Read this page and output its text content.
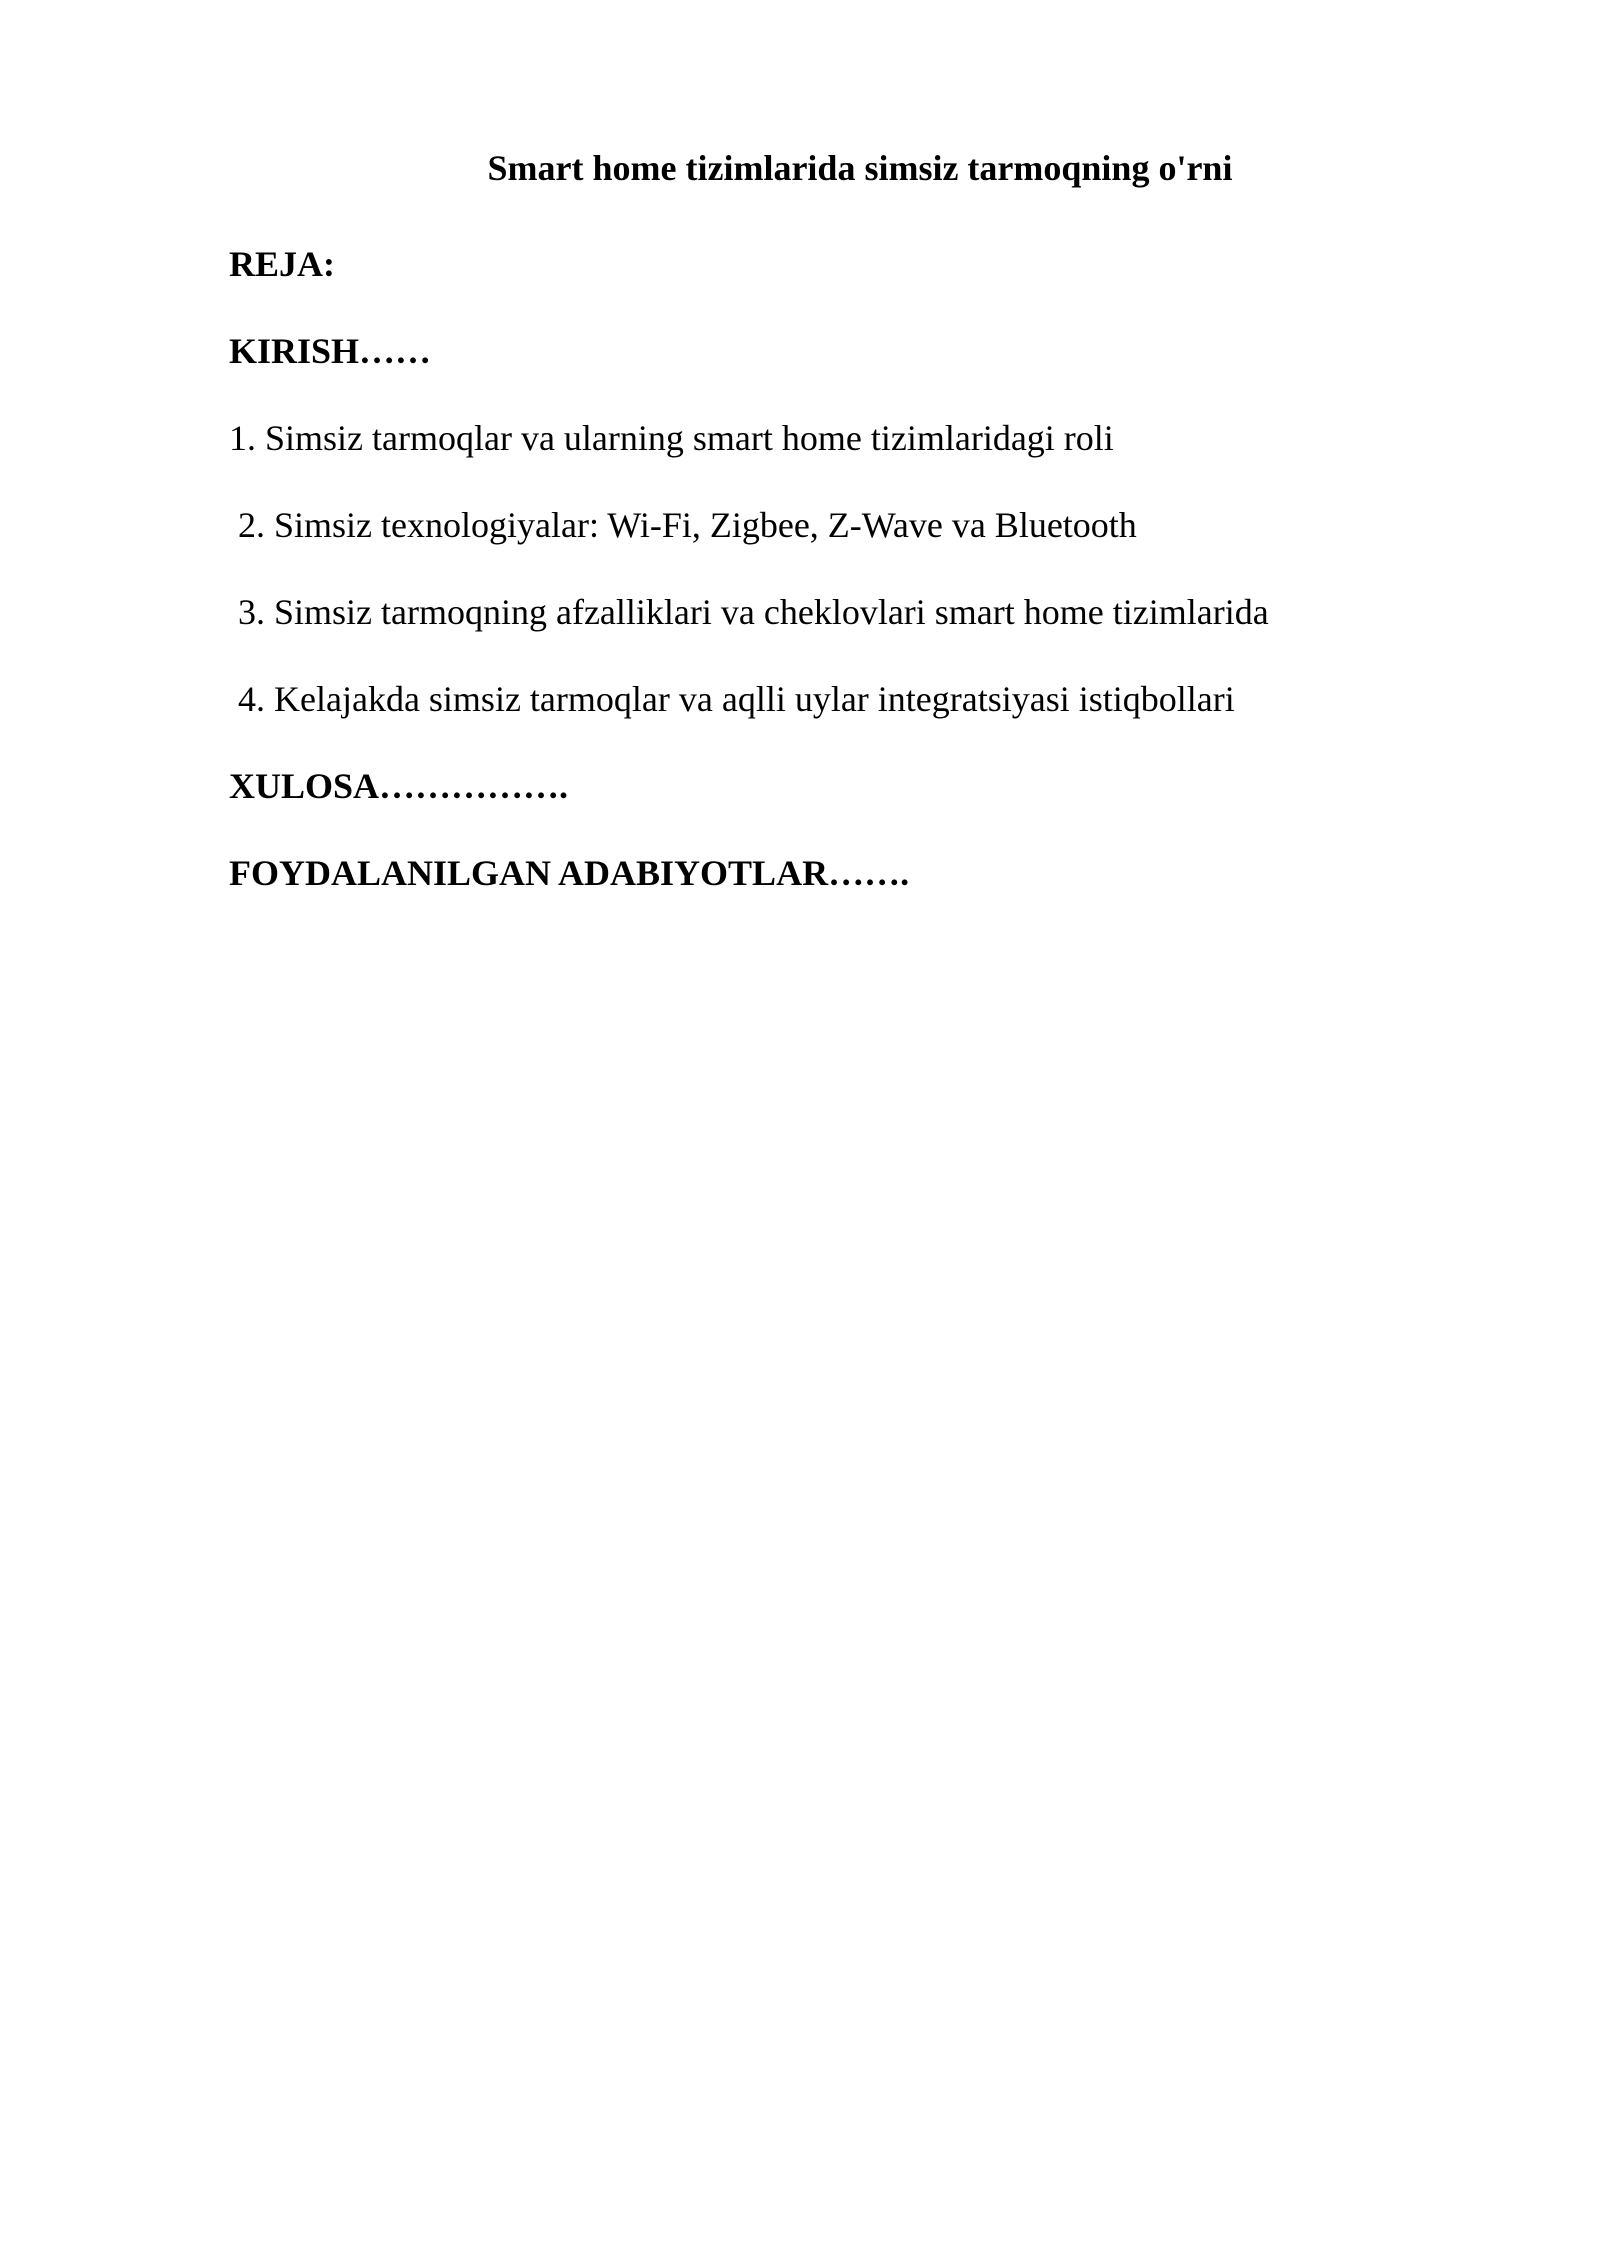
Smart home tizimlarida simsiz tarmoqning o'rni
REJA:
KIRISH……
1. Simsiz tarmoqlar va ularning smart home tizimlaridagi roli
2. Simsiz texnologiyalar: Wi-Fi, Zigbee, Z-Wave va Bluetooth
3. Simsiz tarmoqning afzalliklari va cheklovlari smart home tizimlarida
4. Kelajakda simsiz tarmoqlar va aqlli uylar integratsiyasi istiqbollari
XULOSA…………….
FOYDALANILGAN ADABIYOTLAR…….
